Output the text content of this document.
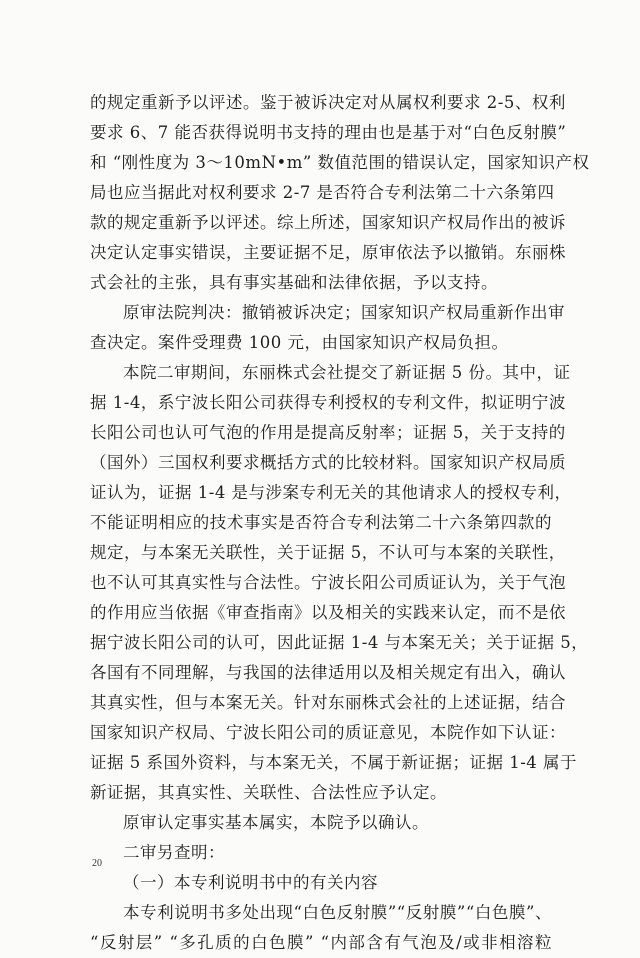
的规定重新予以评述。鉴于被诉决定对从属权利要求 2-5、权利
要求 6、7 能否获得说明书支持的理由也是基于对“白色反射膜”
和 “刚性度为 3～10mN•m” 数值范围的错误认定，国家知识产权
局也应当据此对权利要求 2-7 是否符合专利法第二十六条第四
款的规定重新予以评述。综上所述，国家知识产权局作出的被诉
决定认定事实错误，主要证据不足，原审依法予以撤销。东丽株
式会社的主张，具有事实基础和法律依据，予以支持。
原审法院判决：撤销被诉决定；国家知识产权局重新作出审
查决定。案件受理费 100 元，由国家知识产权局负担。
本院二审期间，东丽株式会社提交了新证据 5 份。其中，证
据 1-4，系宁波长阳公司获得专利授权的专利文件，拟证明宁波
长阳公司也认可气泡的作用是提高反射率；证据 5，关于支持的
（国外）三国权利要求概括方式的比较材料。国家知识产权局质
证认为，证据 1-4 是与涉案专利无关的其他请求人的授权专利，
不能证明相应的技术事实是否符合专利法第二十六条第四款的
规定，与本案无关联性，关于证据 5，不认可与本案的关联性，
也不认可其真实性与合法性。宁波长阳公司质证认为，关于气泡
的作用应当依据《审查指南》以及相关的实践来认定，而不是依
据宁波长阳公司的认可，因此证据 1-4 与本案无关；关于证据 5，
各国有不同理解，与我国的法律适用以及相关规定有出入，确认
其真实性，但与本案无关。针对东丽株式会社的上述证据，结合
国家知识产权局、宁波长阳公司的质证意见，本院作如下认证：
证据 5 系国外资料，与本案无关，不属于新证据；证据 1-4 属于
新证据，其真实性、关联性、合法性应予认定。
原审认定事实基本属实，本院予以确认。
二审另查明：
（一）本专利说明书中的有关内容
本专利说明书多处出现“白色反射膜”“反射膜”“白色膜”、
“反射层” “多孔质的白色膜” “内部含有气泡及/或非相溶粒
20
